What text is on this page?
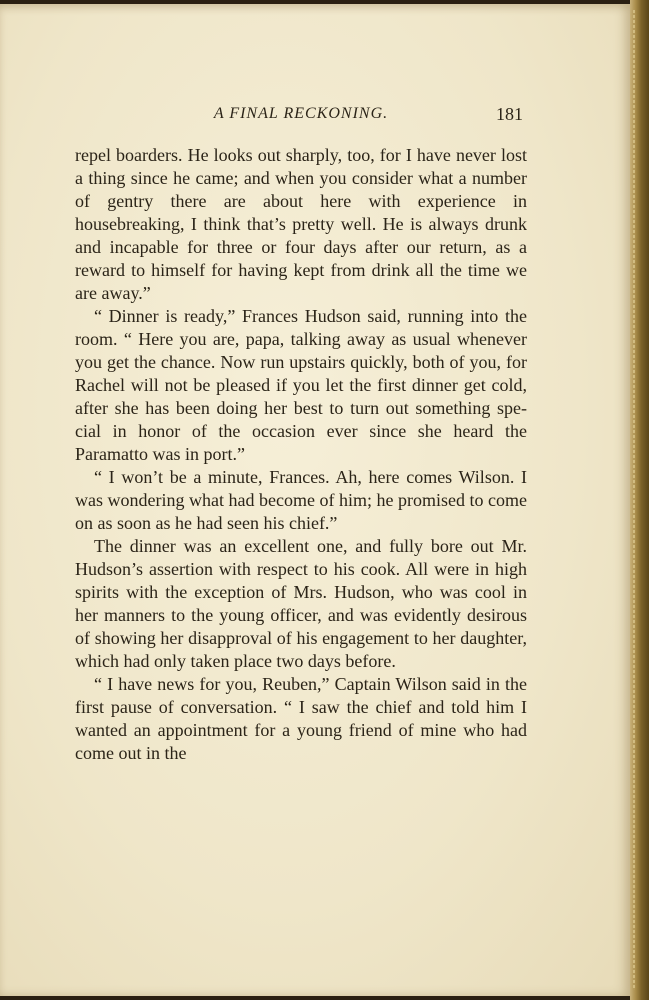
A FINAL RECKONING.	181

repel boarders. He looks out sharply, too, for I have never lost a thing since he came; and when you consider what a number of gentry there are about here with experience in housebreaking, I think that’s pretty well. He is always drunk and incapable for three or four days after our return, as a reward to himself for having kept from drink all the time we are away.”

“ Dinner is ready,” Frances Hudson said, running into the room. “ Here you are, papa, talking away as usual whenever you get the chance. Now run upstairs quickly, both of you, for Rachel will not be pleased if you let the first dinner get cold, after she has been doing her best to turn out something spe-cial in honor of the occasion ever since she heard the Paramatto was in port.”

“ I won’t be a minute, Frances. Ah, here comes Wilson. I was wondering what had become of him; he promised to come on as soon as he had seen his chief.”

The dinner was an excellent one, and fully bore out Mr. Hudson’s assertion with respect to his cook. All were in high spirits with the exception of Mrs. Hudson, who was cool in her manners to the young officer, and was evidently desirous of showing her disapproval of his engagement to her daughter, which had only taken place two days before.

“ I have news for you, Reuben,” Captain Wilson said in the first pause of conversation. “ I saw the chief and told him I wanted an appointment for a young friend of mine who had come out in the
